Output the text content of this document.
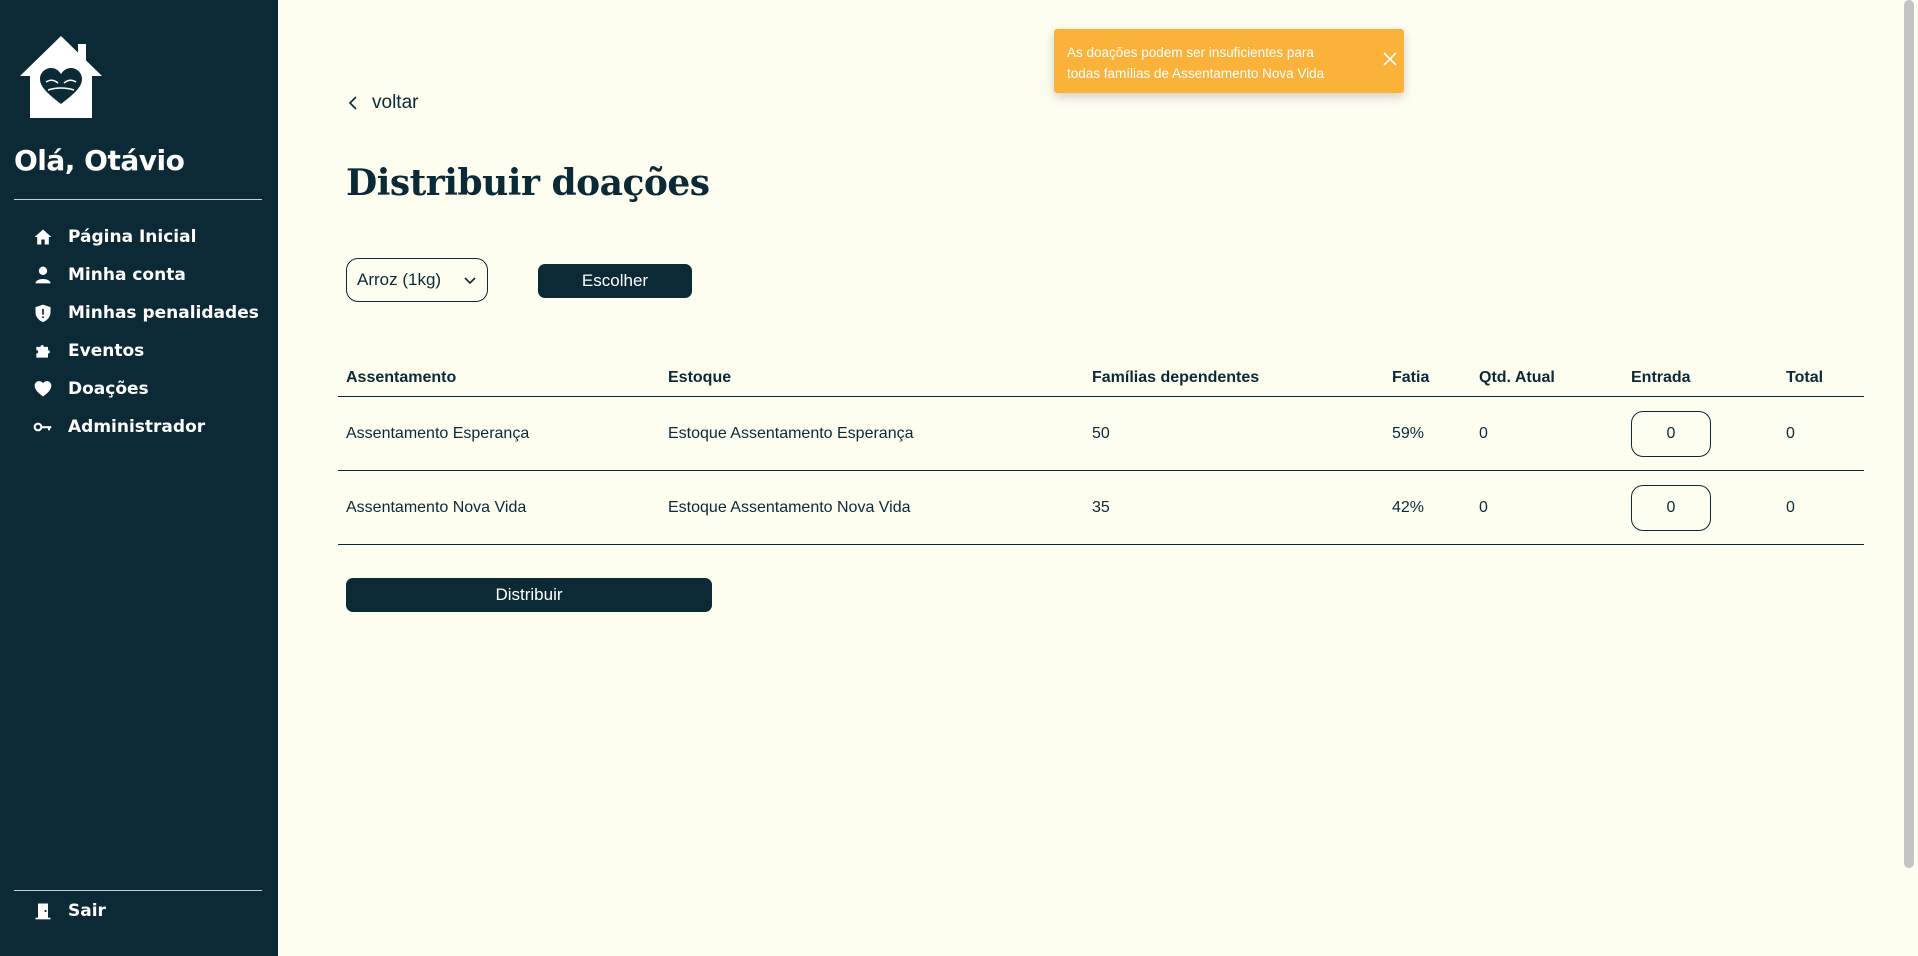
Olá, Otávio
Página Inicial
Minha conta
Minhas penalidades
Eventos
Doações
Administrador
Sair
voltar
Distribuir doações
Arroz (1kg)	Escolher
Assentamento	Estoque	Famílias dependentes	Fatia	Qtd. Atual	Entrada	Total
Assentamento Esperança	Estoque Assentamento Esperança	50	59%	0	0	0
Assentamento Nova Vida	Estoque Assentamento Nova Vida	35	42%	0	0	0
Distribuir
As doações podem ser insuficientes para
todas famílias de Assentamento Nova Vida
